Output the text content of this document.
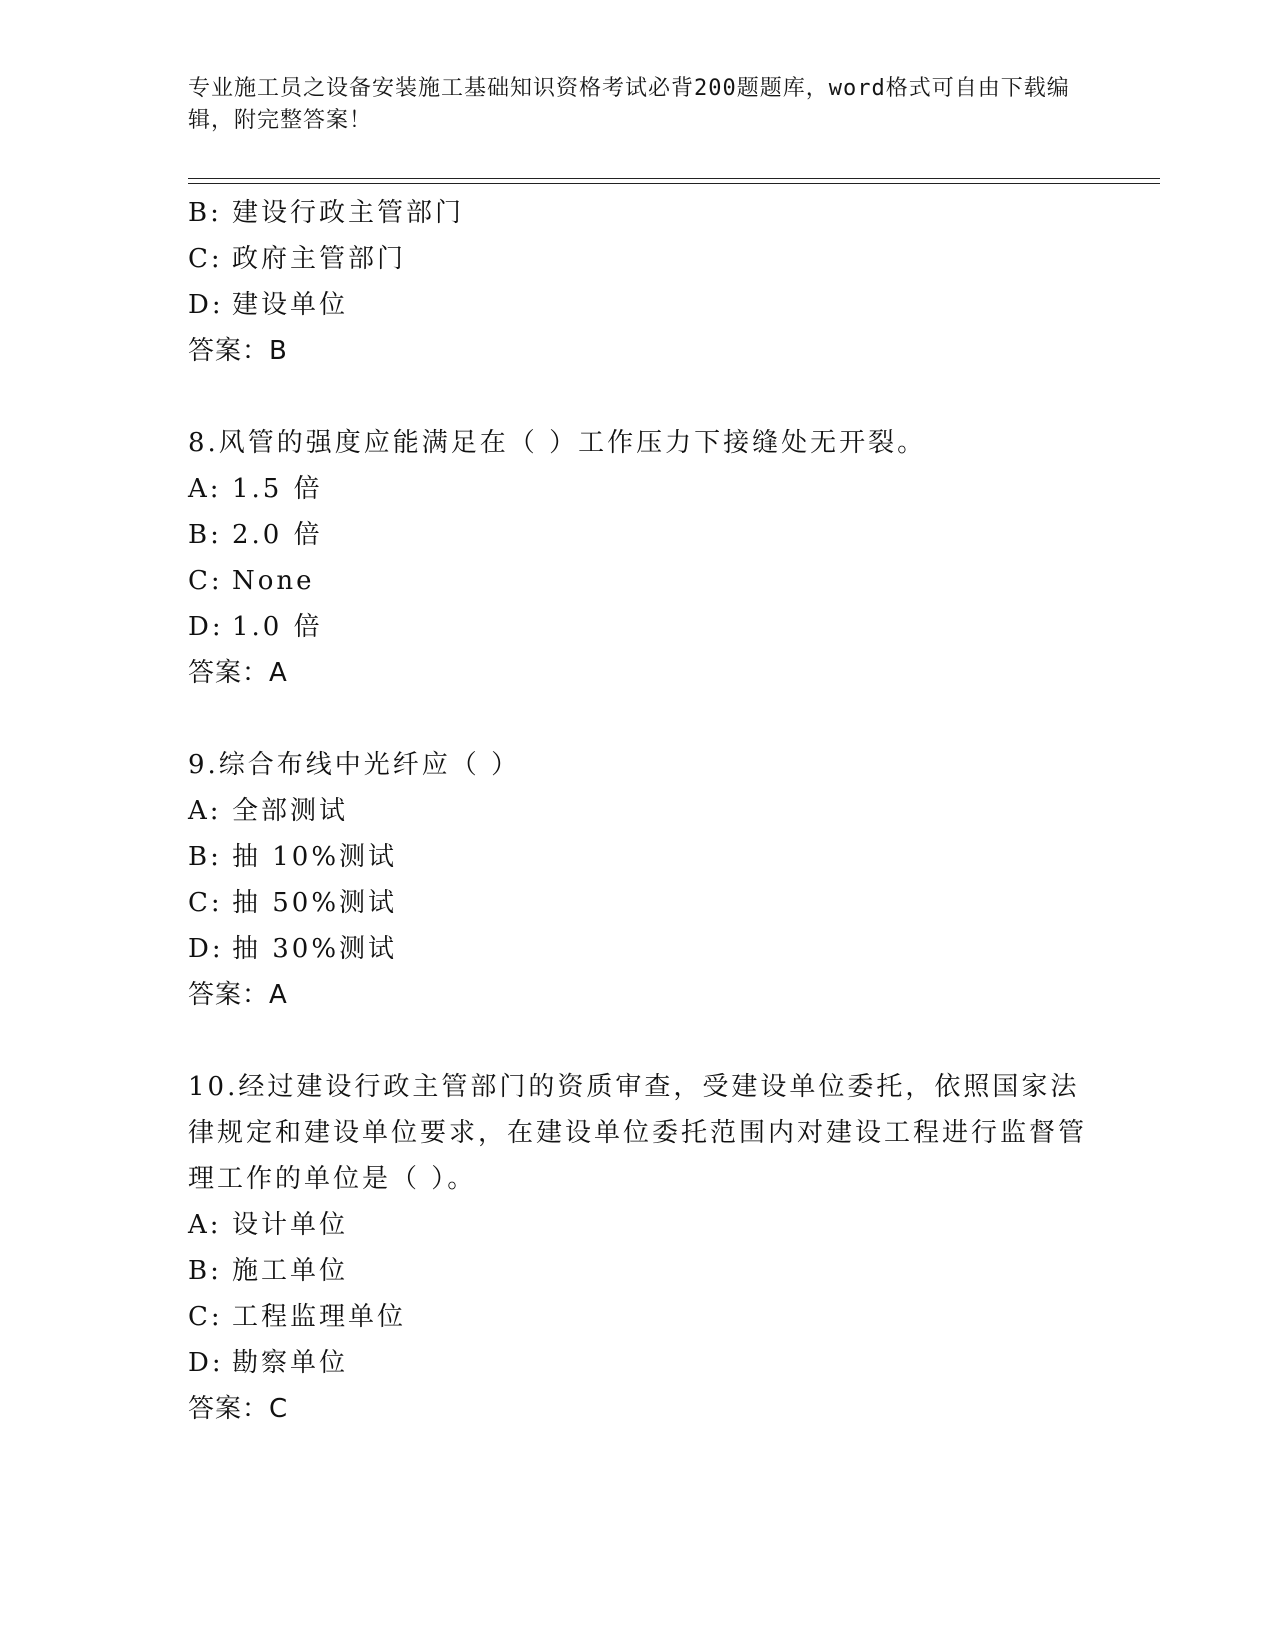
专业施工员之设备安装施工基础知识资格考试必背200题题库，word格式可自由下载编辑，附完整答案！
B: 建设行政主管部门
C: 政府主管部门
D: 建设单位
答案：B
8.风管的强度应能满足在（ ）工作压力下接缝处无开裂。
A: 1.5 倍
B: 2.0 倍
C: None
D: 1.0 倍
答案：A
9.综合布线中光纤应（ ）
A: 全部测试
B: 抽 10%测试
C: 抽 50%测试
D: 抽 30%测试
答案：A
10.经过建设行政主管部门的资质审查，受建设单位委托，依照国家法律规定和建设单位要求，在建设单位委托范围内对建设工程进行监督管理工作的单位是（ ）。
A: 设计单位
B: 施工单位
C: 工程监理单位
D: 勘察单位
答案：C
